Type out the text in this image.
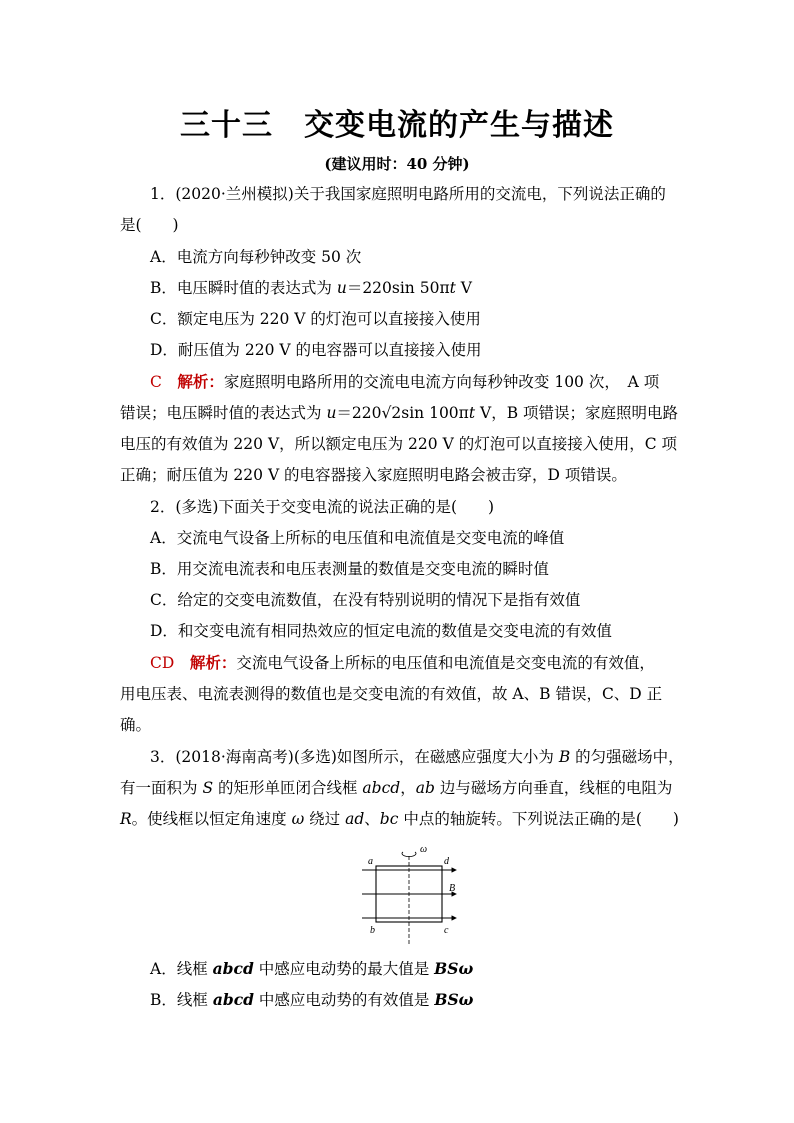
三十三　交变电流的产生与描述
(建议用时：40 分钟)
1．(2020·兰州模拟)关于我国家庭照明电路所用的交流电，下列说法正确的
是(　　)
A．电流方向每秒钟改变 50 次
B．电压瞬时值的表达式为 u＝220sin 50πt V
C．额定电压为 220 V 的灯泡可以直接接入使用
D．耐压值为 220 V 的电容器可以直接接入使用
C　 解析：家庭照明电路所用的交流电电流方向每秒钟改变 100 次，　A 项
错误；电压瞬时值的表达式为 u＝220√2sin 100πt V，B 项错误；家庭照明电路
电压的有效值为 220 V，所以额定电压为 220 V 的灯泡可以直接接入使用，C 项
正确；耐压值为 220 V 的电容器接入家庭照明电路会被击穿，D 项错误。
2．(多选)下面关于交变电流的说法正确的是(　　)
A．交流电气设备上所标的电压值和电流值是交变电流的峰值
B．用交流电流表和电压表测量的数值是交变电流的瞬时值
C．给定的交变电流数值，在没有特别说明的情况下是指有效值
D．和交变电流有相同热效应的恒定电流的数值是交变电流的有效值
CD　 解析：交流电气设备上所标的电压值和电流值是交变电流的有效值，
用电压表、电流表测得的数值也是交变电流的有效值，故 A、B 错误，C、D 正
确。
3．(2018·海南高考)(多选)如图所示，在磁感应强度大小为 B 的匀强磁场中，
有一面积为 S 的矩形单匝闭合线框 abcd，ab 边与磁场方向垂直，线框的电阻为
R。使线框以恒定角速度 ω 绕过 ad、bc 中点的轴旋转。下列说法正确的是(　　)
a	d
b	c
B
ω
A．线框 abcd 中感应电动势的最大值是 BSω
B．线框 abcd 中感应电动势的有效值是 BSω
